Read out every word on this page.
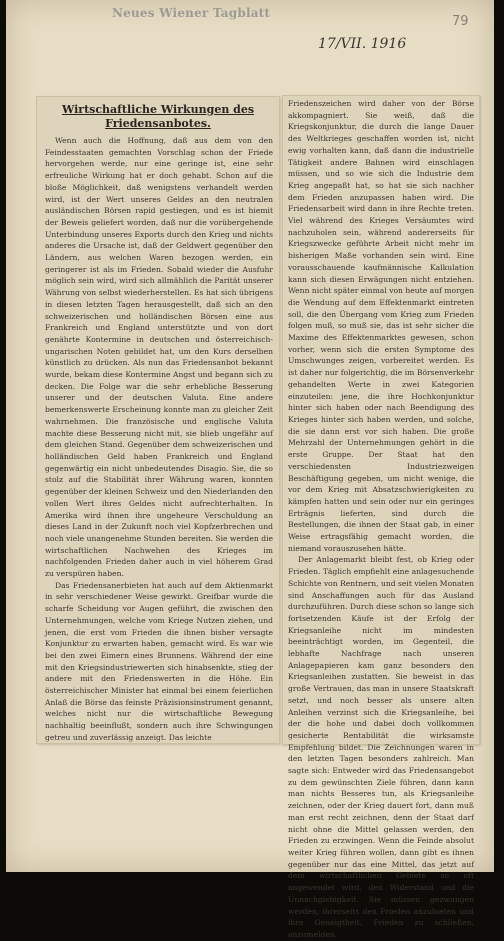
Neues Wiener Tagblatt
79
17/VII. 1916
Wirtschaftliche Wirkungen des Friedensanbotes.

Wenn auch die Hoffnung, daß aus dem von den Feindesstaaten gemachten Vorschlag schon der Friede hervorgehen werde, nur eine geringe ist, eine sehr erfreuliche Wirkung hat er doch gehabt. Schon auf die bloße Möglichkeit, daß wenigstens verhandelt werden wird, ist der Wert unseres Geldes an den neutralen ausländischen Börsen rapid gestiegen, und es ist hiemit der Beweis geliefert worden, daß nur die vorübergehende Unterbindung unseres Exports durch den Krieg und nichts anderes die Ursache ist, daß der Geldwert gegenüber den Ländern, aus welchen Waren bezogen werden, ein geringerer ist als im Frieden. Sobald wieder die Ausfuhr möglich sein wird, wird sich allmählich die Parität unserer Währung von selbst wiederherstellen. Es hat sich übrigens in diesen letzten Tagen herausgestellt, daß sich an den schweizerischen und holländischen Börsen eine aus Frankreich und England unterstützte und von dort genährte Kontermine in deutschen und österreichisch-ungarischen Noten gebildet hat, um den Kurs derselben künstlich zu drücken. Als nun das Friedensanbot bekannt wurde, bekam diese Kontermine Angst und begann sich zu decken. Die Folge war die sehr erhebliche Besserung unserer und der deutschen Valuta. Eine andere bemerkenswerte Erscheinung konnte man zu gleicher Zeit wahrnehmen. Die französische und englische Valuta machte diese Besserung nicht mit, sie blieb ungefähr auf dem gleichen Stand. Gegenüber dem schweizerischen und holländischen Geld haben Frankreich und England gegenwärtig ein nicht unbedeutendes Disagio. Sie, die so stolz auf die Stabilität ihrer Währung waren, konnten gegenüber der kleinen Schweiz und den Niederlanden den vollen Wert ihres Geldes nicht aufrechterhalten. In Amerika wird ihnen ihre ungeheure Verschuldung an dieses Land in der Zukunft noch viel Kopfzerbrechen und noch viele unangenehme Stunden bereiten. Sie werden die wirtschaftlichen Nachwehen des Krieges im nachfolgenden Frieden daher auch in viel höherem Grad zu verspüren haben.

Das Friedensanerbieten hat auch auf dem Aktienmarkt in sehr verschiedener Weise gewirkt. Greifbar wurde die scharfe Scheidung vor Augen geführt, die zwischen den Unternehmungen, welche vom Kriege Nutzen ziehen, und jenen, die erst vom Frieden die ihnen bisher versagte Konjunktur zu erwarten haben, gemacht wird. Es war wie bei den zwei Eimern eines Brunnens. Während der eine mit den Kriegsindustriewerten sich hinabsenkte, stieg der andere mit den Friedenswerten in die Höhe. Ein österreichischer Minister hat einmal bei einem feierlichen Anlaß die Börse das feinste Präzisionsinstrument genannt, welches nicht nur die wirtschaftliche Bewegung nachhaltig beeinflußt, sondern auch ihre Schwingungen getreu und zuverlässig anzeigt. Das leichte

Friedenszeichen wird daher von der Börse akkompagniert. Sie weiß, daß die Kriegskonjunktur, die durch die lange Dauer des Weltkrieges geschaffen worden ist, nicht ewig vorhalten kann, daß dann die industrielle Tätigkeit andere Bahnen wird einschlagen müssen, und so wie sich die Industrie dem Krieg angepaßt hat, so hat sie sich nachher dem Frieden anzupassen haben wird. Die Friedensarbeit wird dann in ihre Rechte treten. Viel während des Krieges Versäumtes wird nachzuholen sein, während andererseits für Kriegszwecke geführte Arbeit nicht mehr im bisherigen Maße vorhanden sein wird. Eine vorausschauende kaufmännische Kalkulation kann sich diesen Erwägungen nicht entziehen. Wenn nicht später einmal von heute auf morgen die Wendung auf dem Effektenmarkt eintreten soll, die den Übergang vom Krieg zum Frieden folgen muß, so muß sie, das ist sehr sicher die Maxime des Effektenmarktes gewesen, schon vorher, wenn sich die ersten Symptome des Umschwunges zeigen, vorbereitet werden. Es ist daher nur folgerichtig, die im Börsenverkehr gehandelten Werte in zwei Kategorien einzuteilen: jene, die ihre Hochkonjunktur hinter sich haben oder nach Beendigung des Krieges hinter sich haben werden, und solche, die sie dann erst vor sich haben. Die große Mehrzahl der Unternehmungen gehört in die erste Gruppe. Der Staat hat den verschiedensten Industriezweigen Beschäftigung gegeben, um nicht wenige, die vor dem Krieg mit Absatzschwierigkeiten zu kämpfen hatten und sein oder nur ein geringes Erträgnis lieferten, sind durch die Bestellungen, die ihnen der Staat gab, in einer Weise ertragsfähig gemacht worden, die niemand vorauszusehen hätte.

Der Anlagemarkt bleibt fest, ob Krieg oder Frieden. Täglich empfiehlt eine anlagesuchende Schichte von Rentnern, und seit vielen Monaten sind Anschaffungen auch für das Ausland durchzuführen. Durch diese schon so lange sich fortsetzenden Käufe ist der Erfolg der Kriegsanleihe nicht im mindesten beeinträchtigt worden, im Gegenteil, die lebhafte Nachfrage nach unseren Anlagepapieren kam ganz besonders den Kriegsanleihen zustatten. Sie beweist in das große Vertrauen, das man in unsere Staatskraft setzt, und noch besser als unsere alten Anleihen verzinst sich die Kriegsanleihe, bei der die hohe und dabei doch vollkommen gesicherte Rentabilität die wirksamste Empfehlung bildet. Die Zeichnungen waren in den letzten Tagen besonders zahlreich. Man sagte sich: Entweder wird das Friedensangebot zu dem gewünschten Ziele führen, dann kann man nichts Besseres tun, als Kriegsanleihe zeichnen, oder der Krieg dauert fort, dann muß man erst recht zeichnen, denn der Staat darf nicht ohne die Mittel gelassen werden, den Frieden zu erzwingen. Wenn die Feinde absolut weiter Krieg führen wollen, dann gibt es ihnen gegenüber nur das eine Mittel, das jetzt auf dem wirtschaftlichen Gebiete so oft angewendet wird, den Widerstand und die Unnachgiebigkeit. Sie müssen gezwungen werden, ihrerseits den Frieden anzubieten und ihre Geneigtheit, Frieden zu schließen, anzumelden.
